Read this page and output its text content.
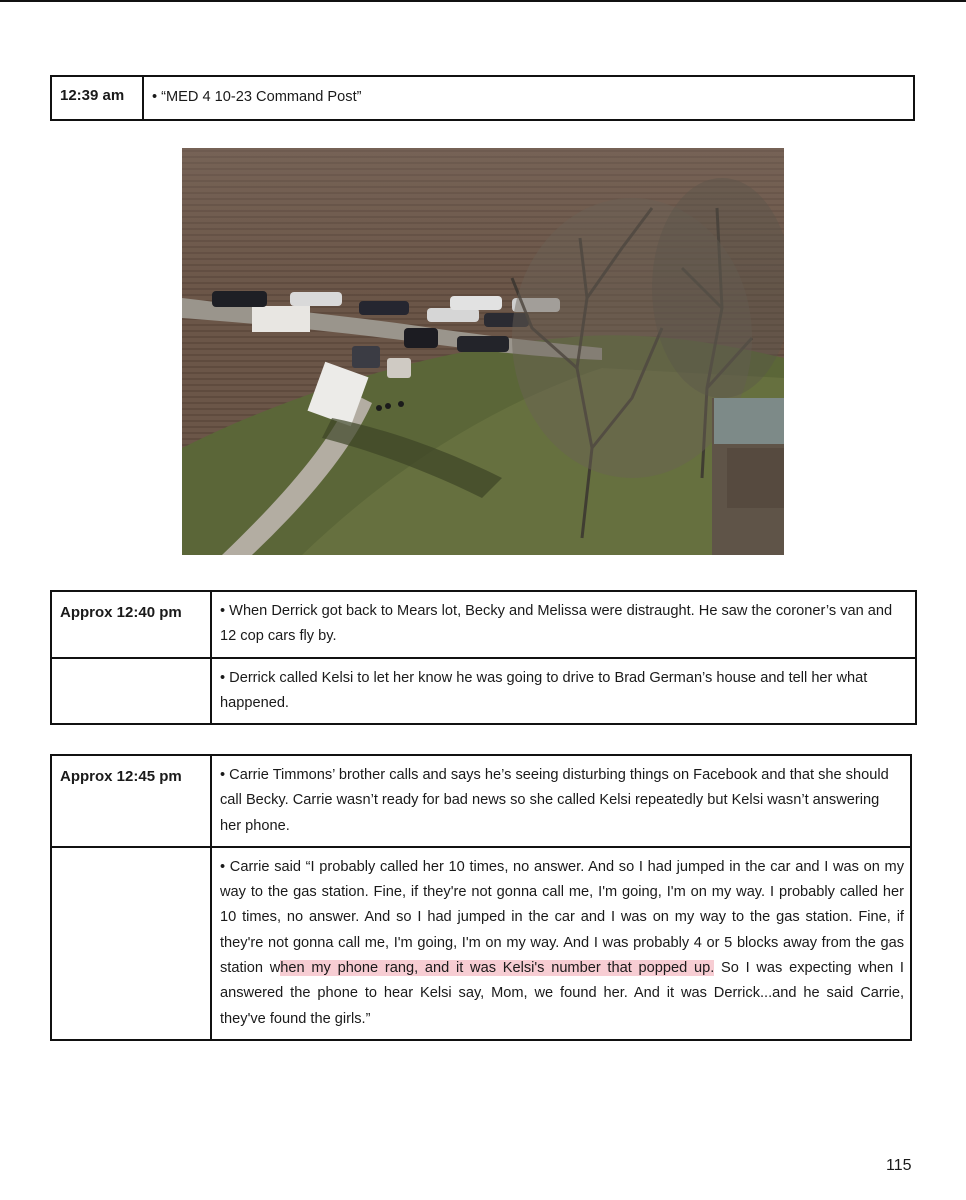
12:39 am	• “MED 4 10-23 Command Post”
Approx 12:40 pm	• When Derrick got back to Mears lot, Becky and Melissa were distraught. He saw the coroner’s van and 12 cop cars fly by.
	• Derrick called Kelsi to let her know he was going to drive to Brad German’s house and tell her what happened.
Approx 12:45 pm	• Carrie Timmons’ brother calls and says he’s seeing disturbing things on Facebook and that she should call Becky. Carrie wasn’t ready for bad news so she called Kelsi repeatedly but Kelsi wasn’t answering her phone.
	• Carrie said “I probably called her 10 times, no answer. And so I had jumped in the car and I was on my way to the gas station. Fine, if they're not gonna call me, I'm going, I'm on my way. I probably called her 10 times, no answer. And so I had jumped in the car and I was on my way to the gas station. Fine, if they're not gonna call me, I'm going, I'm on my way. And I was probably 4 or 5 blocks away from the gas station when my phone rang, and it was Kelsi's number that popped up. So I was expecting when I answered the phone to hear Kelsi say, Mom, we found her. And it was Derrick...and he said Carrie, they've found the girls.”
115
